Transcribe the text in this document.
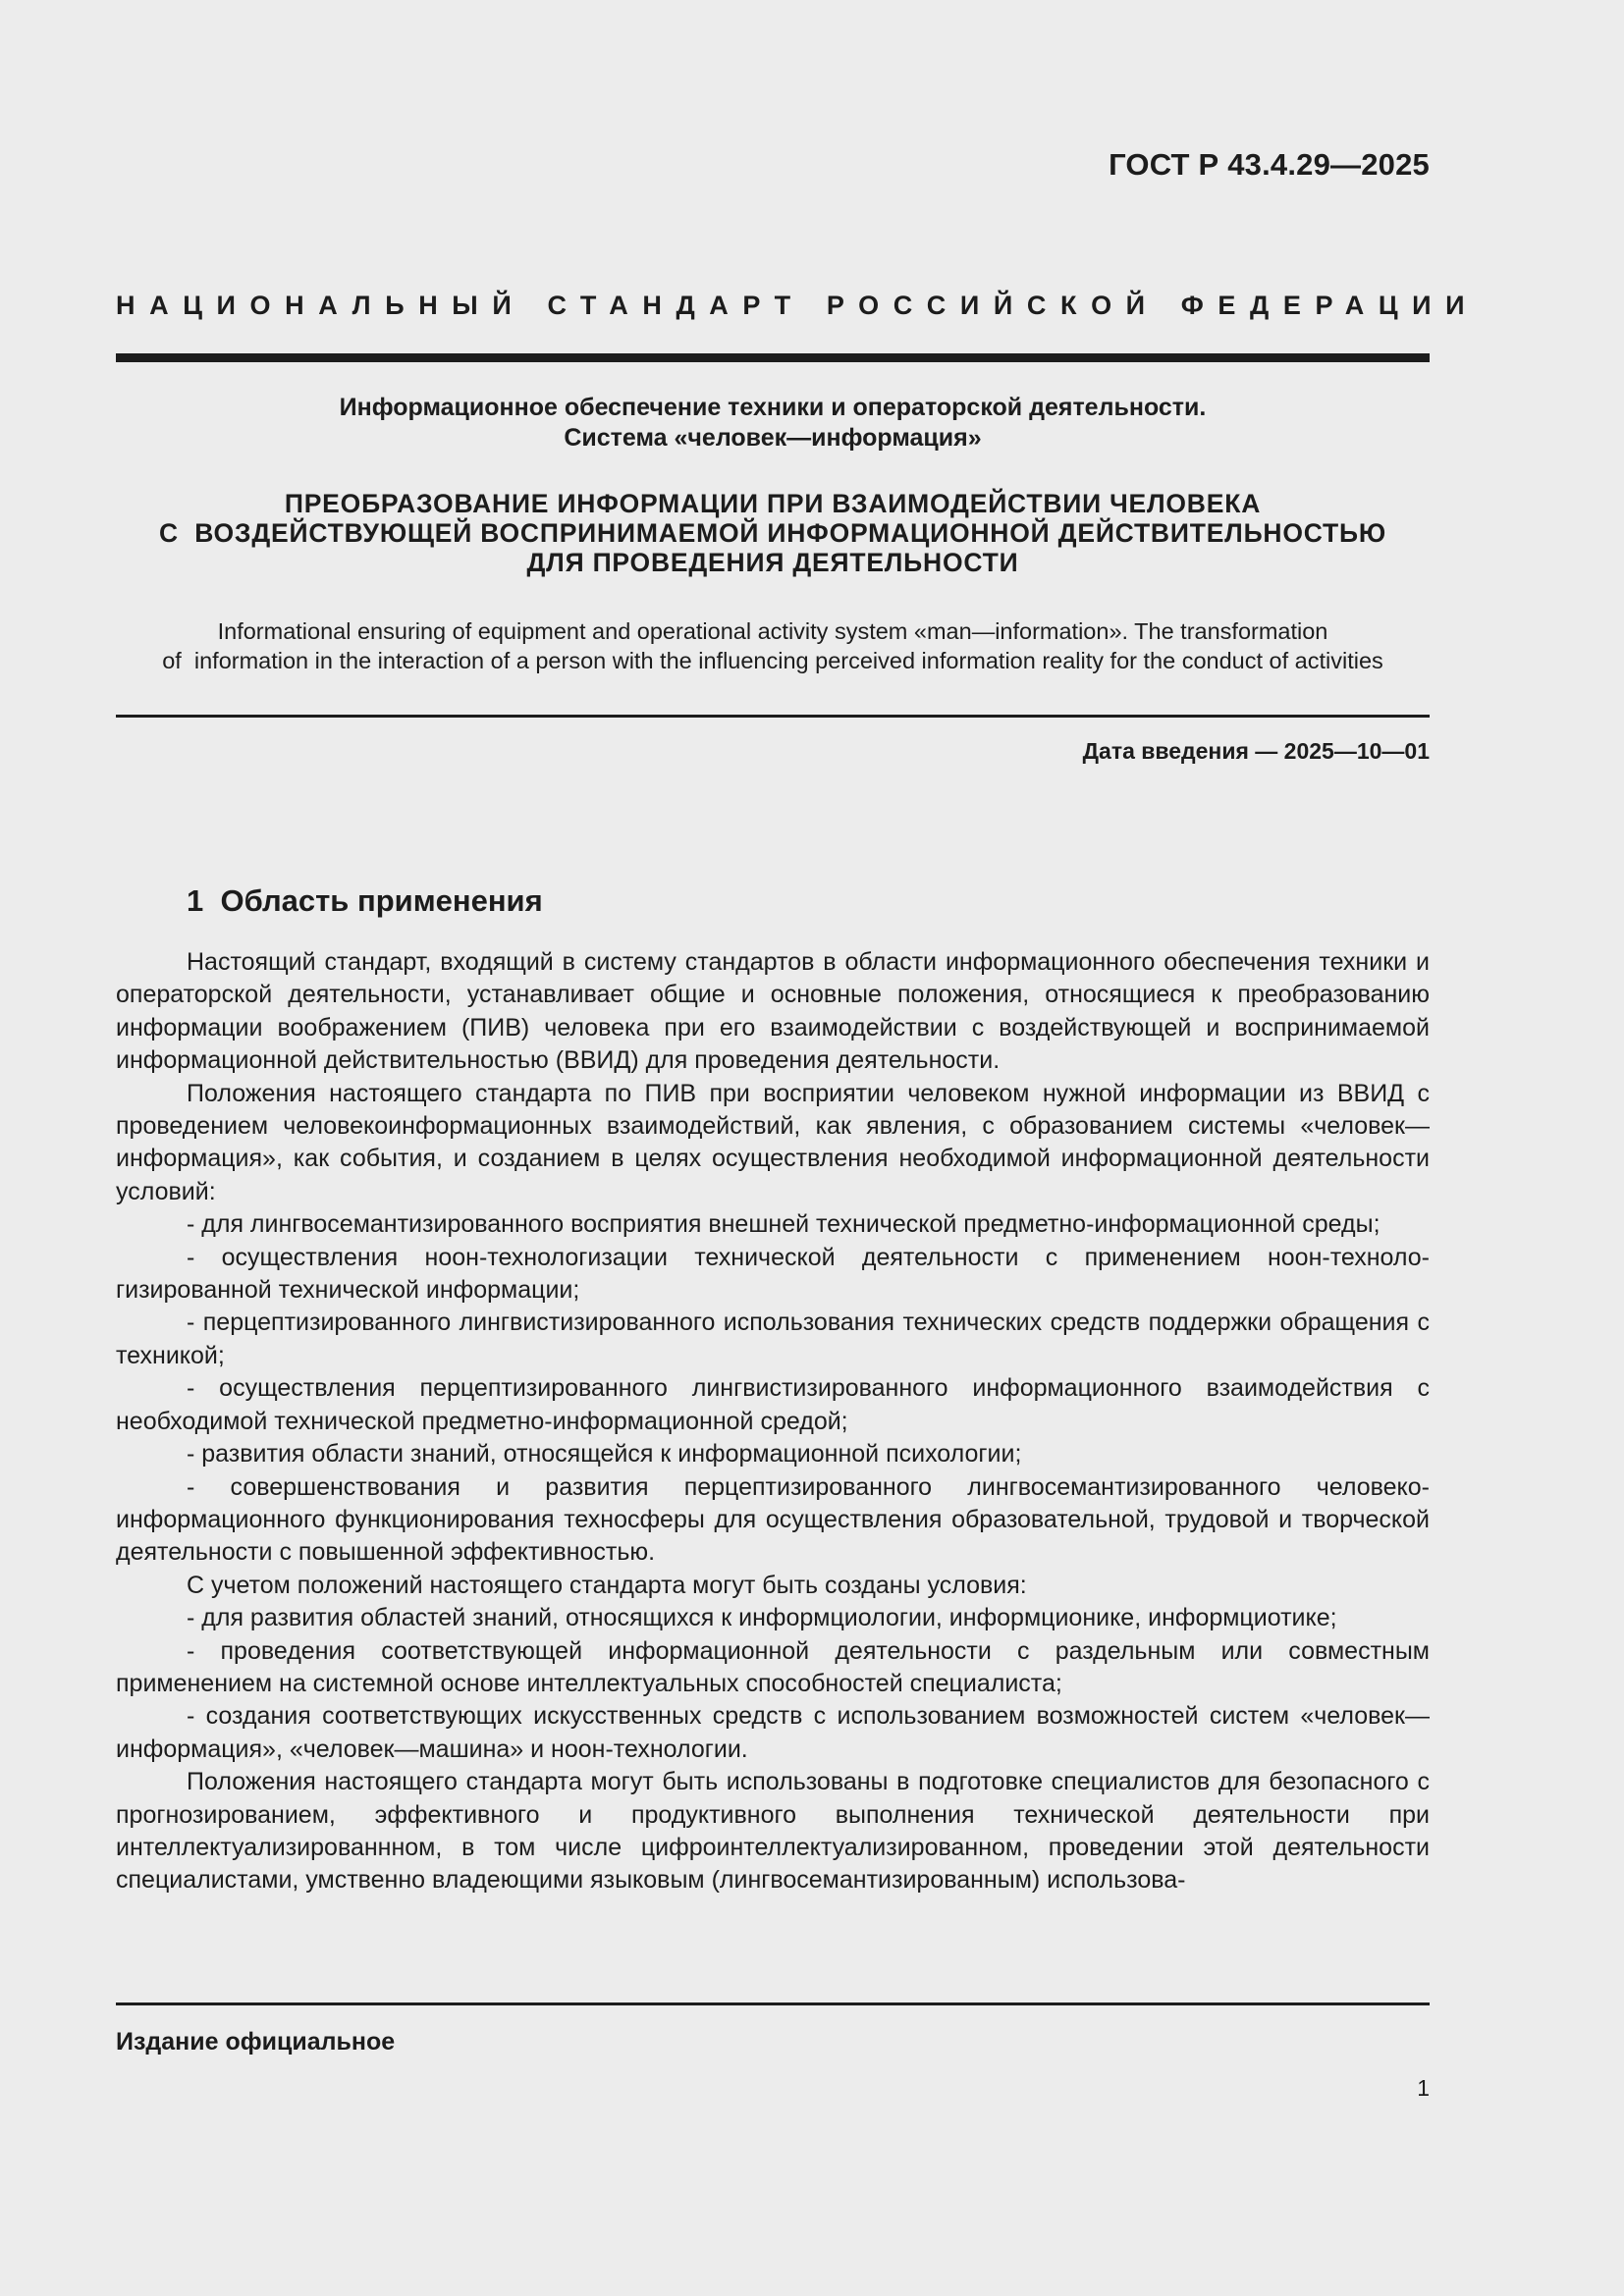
ГОСТ Р 43.4.29—2025
НАЦИОНАЛЬНЫЙ СТАНДАРТ РОССИЙСКОЙ ФЕДЕРАЦИИ
Информационное обеспечение техники и операторской деятельности.
Система «человек—информация»
ПРЕОБРАЗОВАНИЕ ИНФОРМАЦИИ ПРИ ВЗАИМОДЕЙСТВИИ ЧЕЛОВЕКА
С  ВОЗДЕЙСТВУЮЩЕЙ ВОСПРИНИМАЕМОЙ ИНФОРМАЦИОННОЙ ДЕЙСТВИТЕЛЬНОСТЬЮ
ДЛЯ ПРОВЕДЕНИЯ ДЕЯТЕЛЬНОСТИ
Informational ensuring of equipment and operational activity system «man—information». The transformation
of  information in the interaction of a person with the influencing perceived information reality for the conduct of activities
Дата введения — 2025—10—01
1  Область применения

Настоящий стандарт, входящий в систему стандартов в области информационного обеспечения техники и операторской деятельности, устанавливает общие и основные положения, относящиеся к преобразованию информации воображением (ПИВ) человека при его взаимодействии с воздействующей и воспринимаемой информационной действительностью (ВВИД) для проведения деятельности.

Положения настоящего стандарта по ПИВ при восприятии человеком нужной информации из ВВИД с проведением человекоинформационных взаимодействий, как явления, с образованием системы «человек—информация», как события, и созданием в целях осуществления необходимой информационной деятельности условий:

- для лингвосемантизированного восприятия внешней технической предметно-информационной среды;

- осуществления ноон-технологизации технической деятельности с применением ноон-технологизированной технической информации;

- перцептизированного лингвистизированного использования технических средств поддержки обращения с техникой;

- осуществления перцептизированного лингвистизированного информационного взаимодействия с необходимой технической предметно-информационной средой;

- развития области знаний, относящейся к информационной психологии;

- совершенствования и развития перцептизированного лингвосемантизированного человекоинформационного функционирования техносферы для осуществления образовательной, трудовой и творческой деятельности с повышенной эффективностью.

С учетом положений настоящего стандарта могут быть созданы условия:

- для развития областей знаний, относящихся к информциологии, информционике, информциотике;

- проведения соответствующей информационной деятельности с раздельным или совместным применением на системной основе интеллектуальных способностей специалиста;

- создания соответствующих искусственных средств с использованием возможностей систем «человек—информация», «человек—машина» и ноон-технологии.

Положения настоящего стандарта могут быть использованы в подготовке специалистов для безопасного с прогнозированием, эффективного и продуктивного выполнения технической деятельности при интеллектуализированнном, в том числе цифроинтеллектуализированном, проведении этой деятельности специалистами, умственно владеющими языковым (лингвосемантизированным) использова-

Издание официальное
1
